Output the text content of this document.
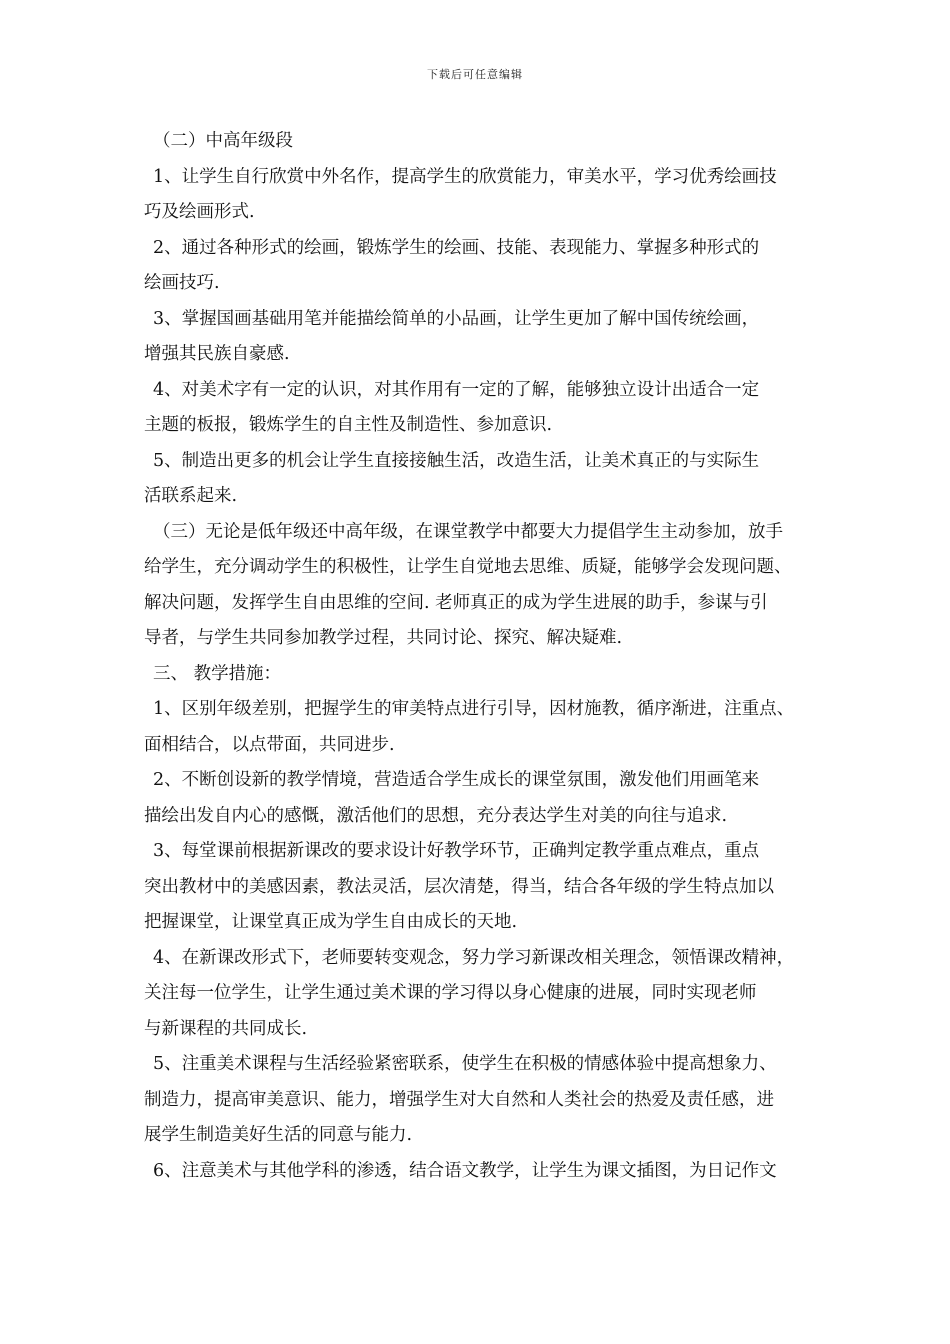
下载后可任意编辑
（二）中高年级段
1、让学生自行欣赏中外名作，提高学生的欣赏能力，审美水平，学习优秀绘画技
巧及绘画形式.
2、通过各种形式的绘画，锻炼学生的绘画、技能、表现能力、掌握多种形式的
绘画技巧.
3、掌握国画基础用笔并能描绘简单的小品画，让学生更加了解中国传统绘画，
增强其民族自豪感.
4、对美术字有一定的认识，对其作用有一定的了解，能够独立设计出适合一定
主题的板报，锻炼学生的自主性及制造性、参加意识.
5、制造出更多的机会让学生直接接触生活，改造生活，让美术真正的与实际生
活联系起来.
（三）无论是低年级还中高年级，在课堂教学中都要大力提倡学生主动参加，放手
给学生，充分调动学生的积极性，让学生自觉地去思维、质疑，能够学会发现问题、
解决问题，发挥学生自由思维的空间. 老师真正的成为学生进展的助手，参谋与引
导者，与学生共同参加教学过程，共同讨论、探究、解决疑难.
三、 教学措施：
1、区别年级差别，把握学生的审美特点进行引导，因材施教，循序渐进，注重点、
面相结合，以点带面，共同进步.
2、不断创设新的教学情境，营造适合学生成长的课堂氛围，激发他们用画笔来
描绘出发自内心的感慨，激活他们的思想，充分表达学生对美的向往与追求.
3、每堂课前根据新课改的要求设计好教学环节，正确判定教学重点难点，重点
突出教材中的美感因素，教法灵活，层次清楚，得当，结合各年级的学生特点加以
把握课堂，让课堂真正成为学生自由成长的天地.
4、在新课改形式下，老师要转变观念，努力学习新课改相关理念，领悟课改精神，
关注每一位学生，让学生通过美术课的学习得以身心健康的进展，同时实现老师
与新课程的共同成长.
5、注重美术课程与生活经验紧密联系，使学生在积极的情感体验中提高想象力、
制造力，提高审美意识、能力，增强学生对大自然和人类社会的热爱及责任感，进
展学生制造美好生活的同意与能力.
6、注意美术与其他学科的渗透，结合语文教学，让学生为课文插图，为日记作文
